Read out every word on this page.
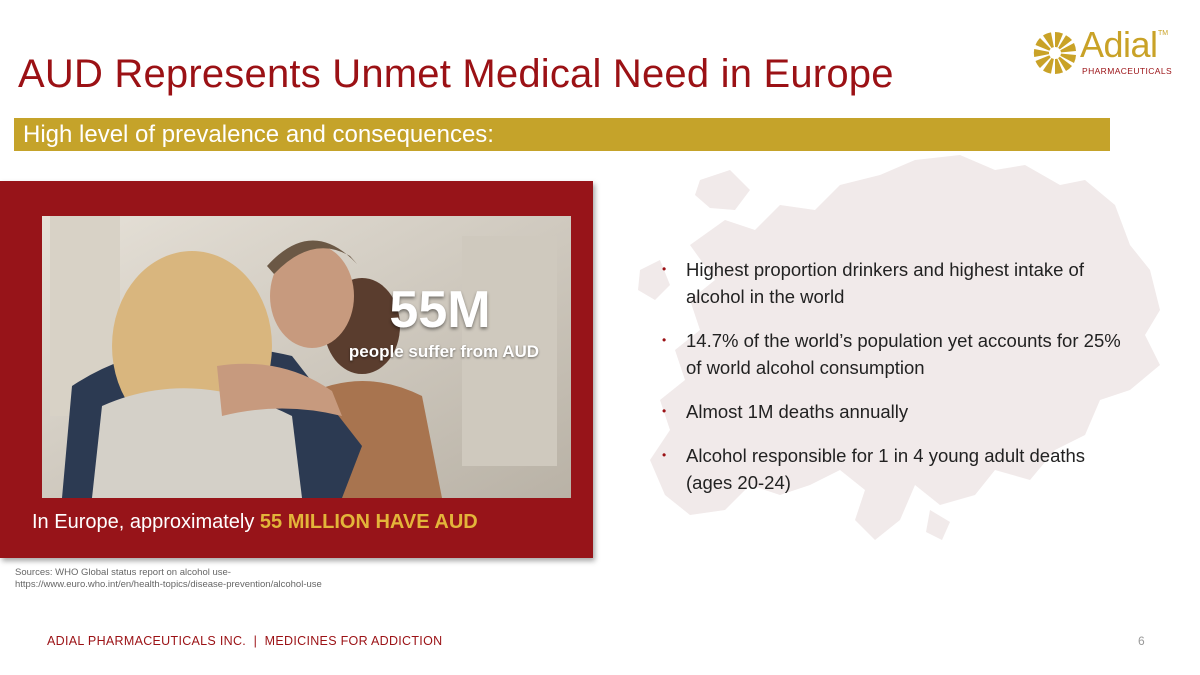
AUD Represents Unmet Medical Need in Europe
Adial TM
PHARMACEUTICALS
High level of prevalence and consequences:
55M
people suffer from AUD
In Europe, approximately 55 MILLION HAVE AUD
• Highest proportion drinkers and highest intake of alcohol in the world
• 14.7% of the world’s population yet accounts for 25% of world alcohol consumption
• Almost 1M deaths annually
• Alcohol responsible for 1 in 4 young adult deaths (ages 20-24)
Sources: WHO Global status report on alcohol use-
https://www.euro.who.int/en/health-topics/disease-prevention/alcohol-use
ADIAL PHARMACEUTICALS INC.  |  MEDICINES FOR ADDICTION	6
